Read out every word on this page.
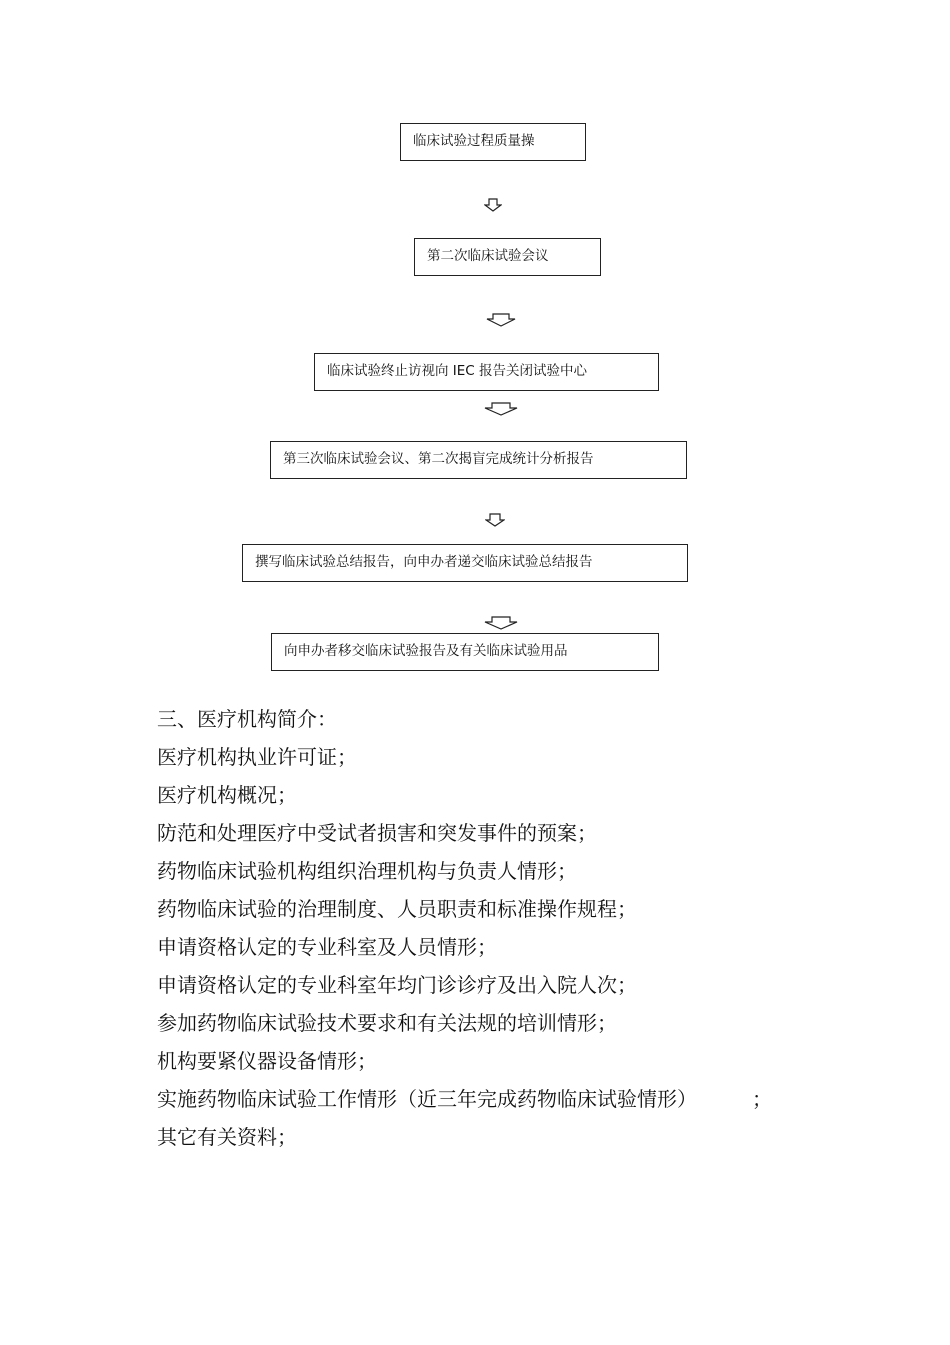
临床试验过程质量操
第二次临床试验会议
临床试验终止访视向 IEC 报告关闭试验中心
第三次临床试验会议、第二次揭盲完成统计分析报告
撰写临床试验总结报告，向申办者递交临床试验总结报告
向申办者移交临床试验报告及有关临床试验用品
三、医疗机构简介：
医疗机构执业许可证；
医疗机构概况；
防范和处理医疗中受试者损害和突发事件的预案；
药物临床试验机构组织治理机构与负责人情形；
药物临床试验的治理制度、人员职责和标准操作规程；
申请资格认定的专业科室及人员情形；
申请资格认定的专业科室年均门诊诊疗及出入院人次；
参加药物临床试验技术要求和有关法规的培训情形；
机构要紧仪器设备情形；
实施药物临床试验工作情形（近三年完成药物临床试验情形）	；
其它有关资料；
